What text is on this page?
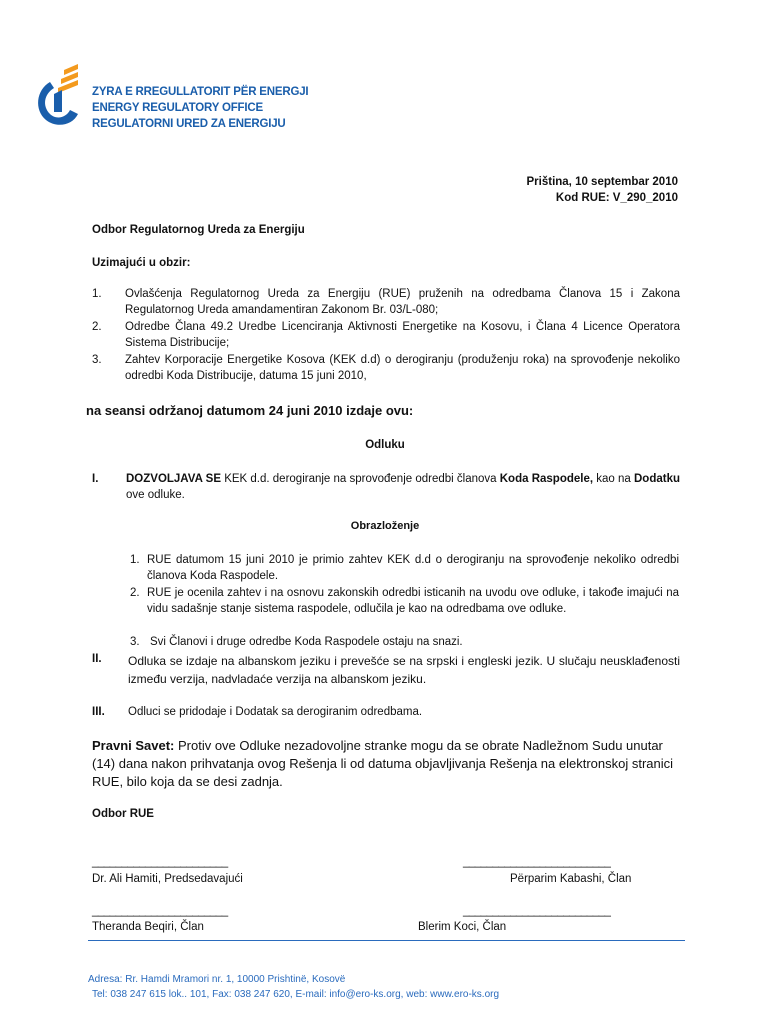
ZYRA E RREGULLATORIT PËR ENERGJI
ENERGY REGULATORY OFFICE
REGULATORNI URED ZA ENERGIJU
Priština, 10 septembar 2010
Kod RUE: V_290_2010
Odbor Regulatornog Ureda za Energiju
Uzimajući u obzir:
1. Ovlašćenja Regulatornog Ureda za Energiju (RUE) pruženih na odredbama Članova 15 i Zakona Regulatornog Ureda amandamentiran Zakonom Br. 03/L-080;
2. Odredbe Člana 49.2 Uredbe Licenciranja Aktivnosti Energetike na Kosovu, i Člana 4 Licence Operatora Sistema Distribucije;
3. Zahtev Korporacije Energetike Kosova (KEK d.d) o derogiranju (produženju roka) na sprovođenje nekoliko odredbi Koda Distribucije, datuma 15 juni 2010,
na seansi održanoj datumom 24 juni 2010 izdaje ovu:
Odluku
I. DOZVOLJAVA SE KEK d.d. derogiranje na sprovođenje odredbi članova Koda Raspodele, kao na Dodatku ove odluke.
Obrazloženje
1. RUE datumom 15 juni 2010 je primio zahtev KEK d.d o derogiranju na sprovođenje nekoliko odredbi članova Koda Raspodele.
2. RUE je ocenila zahtev i na osnovu zakonskih odredbi isticanih na uvodu ove odluke, i takođe imajući na vidu sadašnje stanje sistema raspodele, odlučila je kao na odredbama ove odluke.
3. Svi Članovi i druge odredbe Koda Raspodele ostaju na snazi.
II. Odluka se izdaje na albanskom jeziku i prevešće se na srpski i engleski jezik. U slučaju neusklađenosti između verzija, nadvladaće verzija na albanskom jeziku.
III. Odluci se pridodaje i Dodatak sa derogiranim odredbama.
Pravni Savet: Protiv ove Odluke nezadovoljne stranke mogu da se obrate Nadležnom Sudu unutar (14) dana nakon prihvatanja ovog Rešenja li od datuma objavljivanja Rešenja na elektronskoj stranici RUE, bilo koja da se desi zadnja.
Odbor RUE
_______________________	_________________________
Dr. Ali Hamiti, Predsedavajući	Përparim Kabashi, Član
_______________________	_________________________
Theranda Beqiri, Član	Blerim Koci, Član
Adresa: Rr. Hamdi Mramori nr. 1, 10000 Prishtinë, Kosovë
Tel: 038 247 615 lok.. 101, Fax: 038 247 620, E-mail: info@ero-ks.org, web: www.ero-ks.org
